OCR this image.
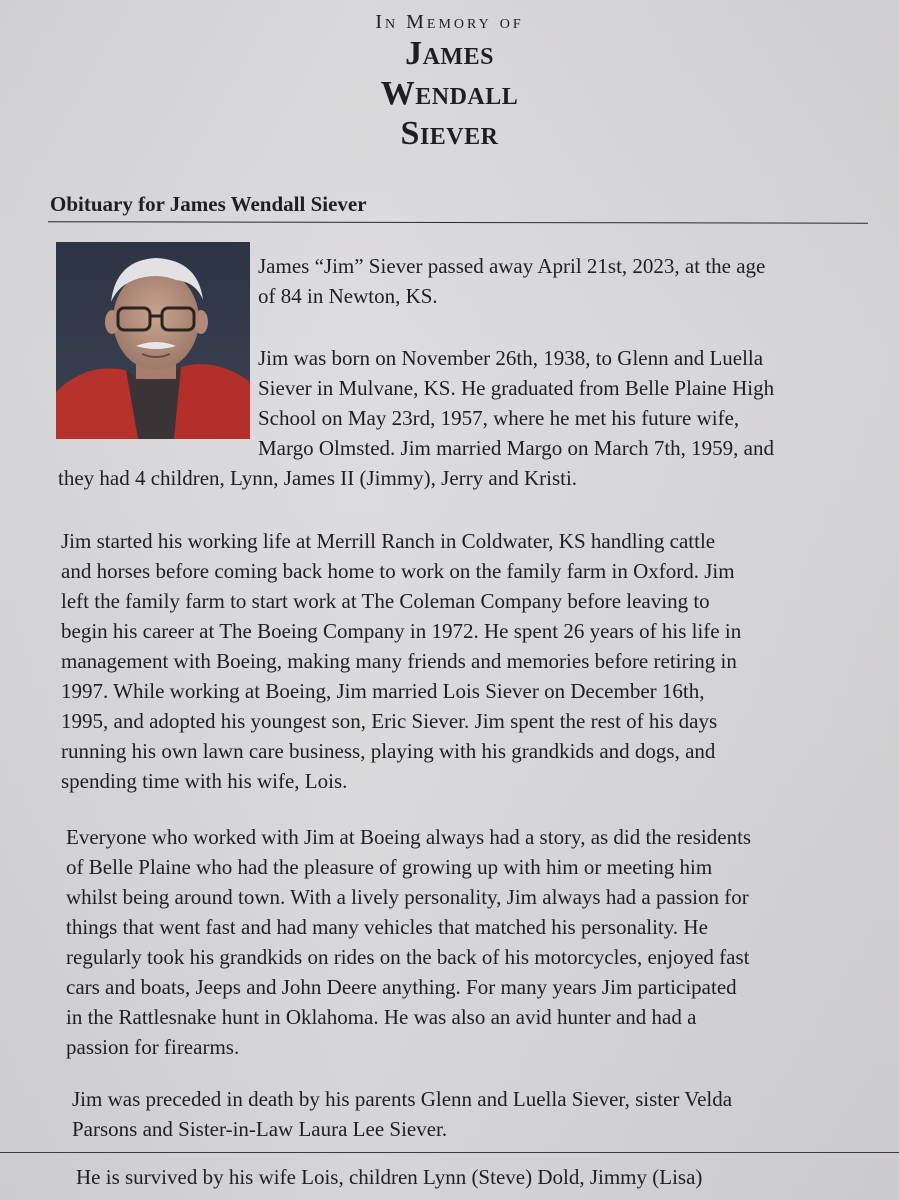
In Memory of
James
Wendall
Siever
Obituary for James Wendall Siever
James “Jim” Siever passed away April 21st, 2023, at the age
of 84 in Newton, KS.
Jim was born on November 26th, 1938, to Glenn and Luella
Siever in Mulvane, KS. He graduated from Belle Plaine High
School on May 23rd, 1957, where he met his future wife,
Margo Olmsted. Jim married Margo on March 7th, 1959, and
they had 4 children, Lynn, James II (Jimmy), Jerry and Kristi.
Jim started his working life at Merrill Ranch in Coldwater, KS handling cattle
and horses before coming back home to work on the family farm in Oxford. Jim
left the family farm to start work at The Coleman Company before leaving to
begin his career at The Boeing Company in 1972. He spent 26 years of his life in
management with Boeing, making many friends and memories before retiring in
1997. While working at Boeing, Jim married Lois Siever on December 16th,
1995, and adopted his youngest son, Eric Siever. Jim spent the rest of his days
running his own lawn care business, playing with his grandkids and dogs, and
spending time with his wife, Lois.
Everyone who worked with Jim at Boeing always had a story, as did the residents
of Belle Plaine who had the pleasure of growing up with him or meeting him
whilst being around town. With a lively personality, Jim always had a passion for
things that went fast and had many vehicles that matched his personality. He
regularly took his grandkids on rides on the back of his motorcycles, enjoyed fast
cars and boats, Jeeps and John Deere anything. For many years Jim participated
in the Rattlesnake hunt in Oklahoma. He was also an avid hunter and had a
passion for firearms.
Jim was preceded in death by his parents Glenn and Luella Siever, sister Velda
Parsons and Sister-in-Law Laura Lee Siever.
He is survived by his wife Lois, children Lynn (Steve) Dold, Jimmy (Lisa)
